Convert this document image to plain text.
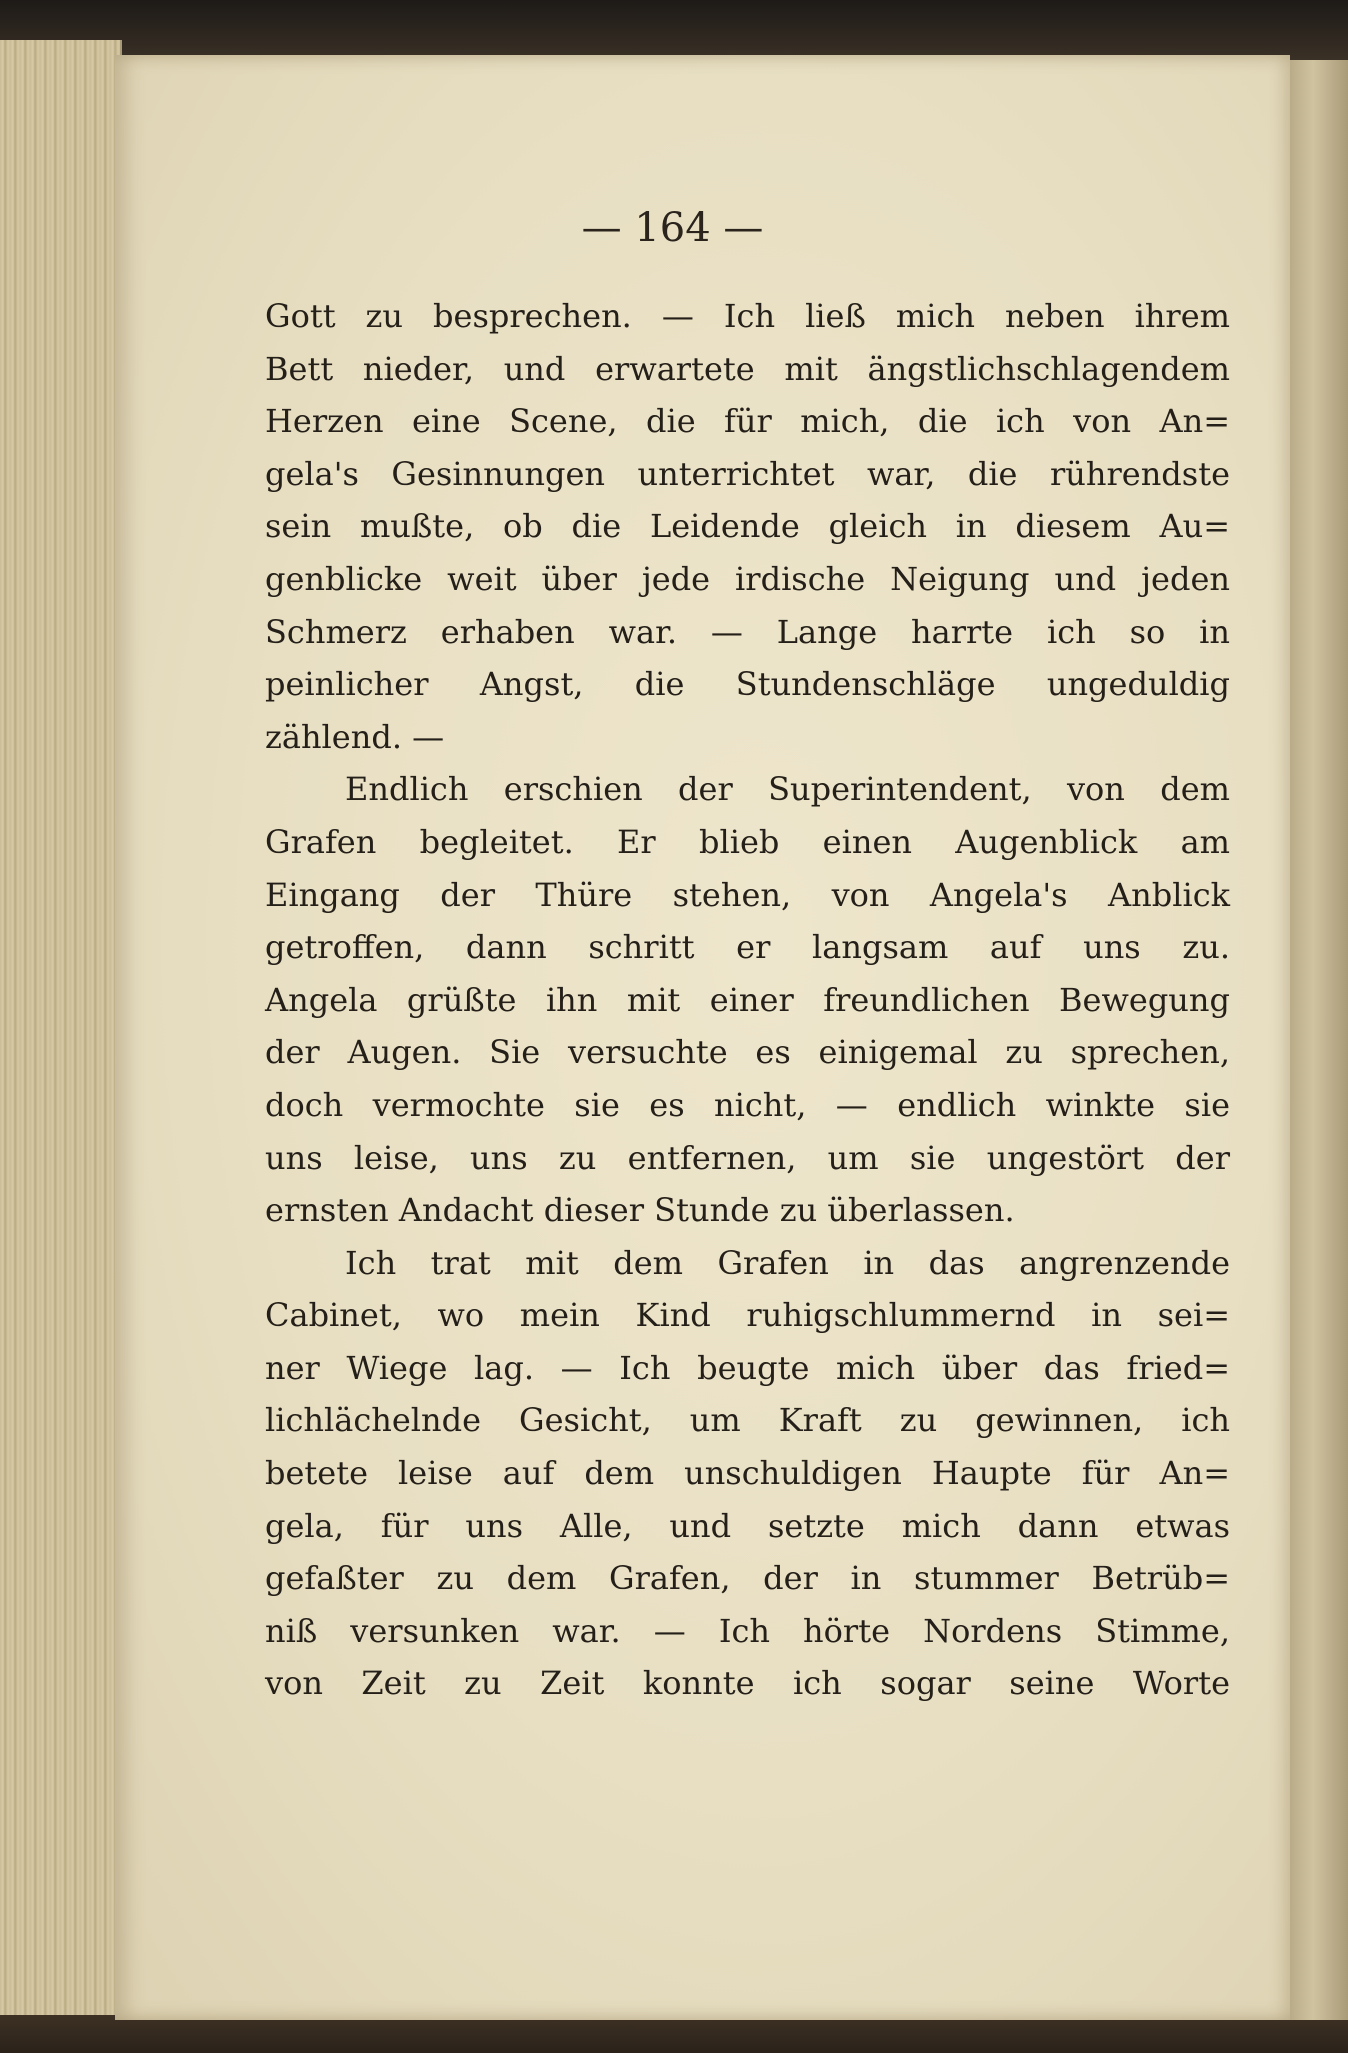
— 164 —
Gott zu besprechen. — Ich ließ mich neben ihrem
Bett nieder, und erwartete mit ängstlichschlagendem
Herzen eine Scene, die für mich, die ich von An=
gela's Gesinnungen unterrichtet war, die rührendste
sein mußte, ob die Leidende gleich in diesem Au=
genblicke weit über jede irdische Neigung und jeden
Schmerz erhaben war. — Lange harrte ich so in
peinlicher Angst, die Stundenschläge ungeduldig
zählend. —
Endlich erschien der Superintendent, von dem
Grafen begleitet. Er blieb einen Augenblick am
Eingang der Thüre stehen, von Angela's Anblick
getroffen, dann schritt er langsam auf uns zu.
Angela grüßte ihn mit einer freundlichen Bewegung
der Augen. Sie versuchte es einigemal zu sprechen,
doch vermochte sie es nicht, — endlich winkte sie
uns leise, uns zu entfernen, um sie ungestört der
ernsten Andacht dieser Stunde zu überlassen.
Ich trat mit dem Grafen in das angrenzende
Cabinet, wo mein Kind ruhigschlummernd in sei=
ner Wiege lag. — Ich beugte mich über das fried=
lichlächelnde Gesicht, um Kraft zu gewinnen, ich
betete leise auf dem unschuldigen Haupte für An=
gela, für uns Alle, und setzte mich dann etwas
gefaßter zu dem Grafen, der in stummer Betrüb=
niß versunken war. — Ich hörte Nordens Stimme,
von Zeit zu Zeit konnte ich sogar seine Worte
